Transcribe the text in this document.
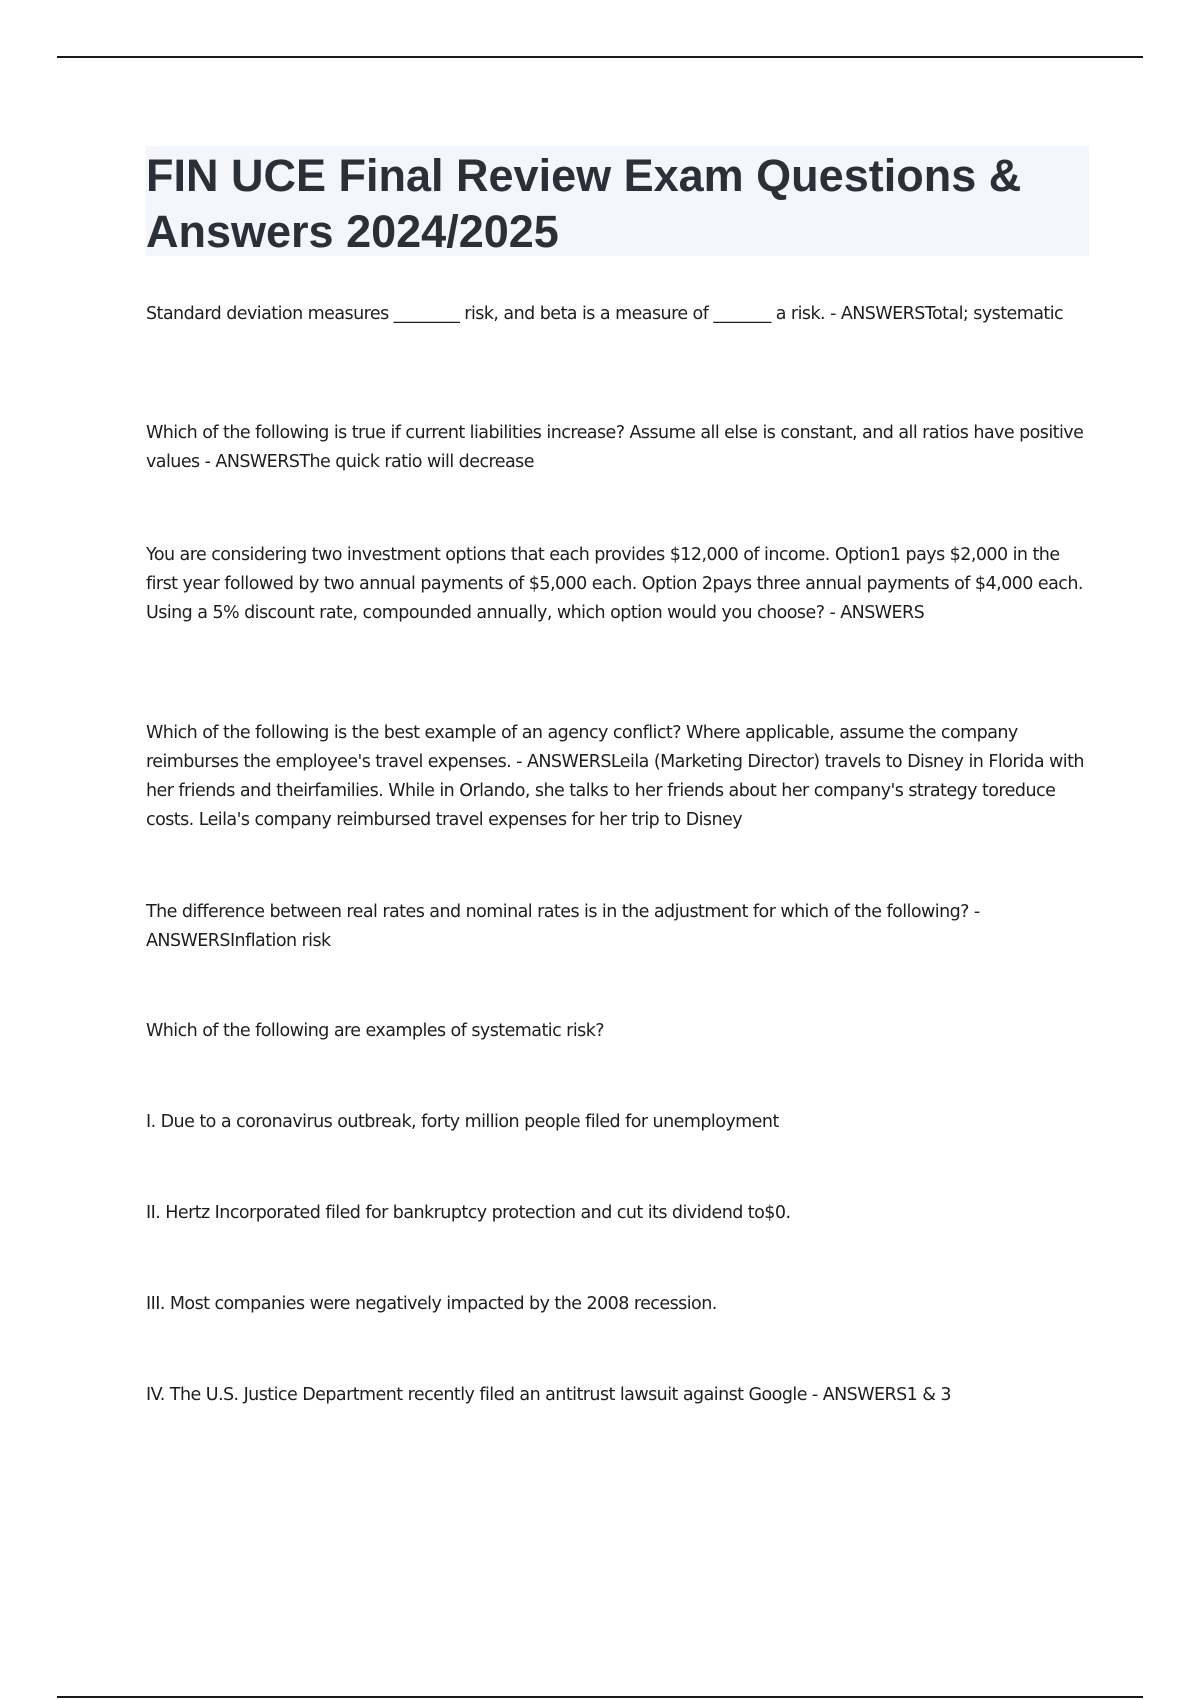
FIN UCE Final Review Exam Questions & Answers 2024/2025

Standard deviation measures ________ risk, and beta is a measure of _______ a risk. - ANSWERSTotal; systematic

Which of the following is true if current liabilities increase? Assume all else is constant, and all ratios have positive values - ANSWERSThe quick ratio will decrease

You are considering two investment options that each provides $12,000 of income. Option1 pays $2,000 in the first year followed by two annual payments of $5,000 each. Option 2pays three annual payments of $4,000 each. Using a 5% discount rate, compounded annually, which option would you choose? - ANSWERS

Which of the following is the best example of an agency conflict? Where applicable, assume the company reimburses the employee's travel expenses. - ANSWERSLeila (Marketing Director) travels to Disney in Florida with her friends and theirfamilies. While in Orlando, she talks to her friends about her company's strategy toreduce costs. Leila's company reimbursed travel expenses for her trip to Disney

The difference between real rates and nominal rates is in the adjustment for which of the following? - ANSWERSInflation risk

Which of the following are examples of systematic risk?

I. Due to a coronavirus outbreak, forty million people filed for unemployment

II. Hertz Incorporated filed for bankruptcy protection and cut its dividend to$0.

III. Most companies were negatively impacted by the 2008 recession.

IV. The U.S. Justice Department recently filed an antitrust lawsuit against Google - ANSWERS1 & 3
